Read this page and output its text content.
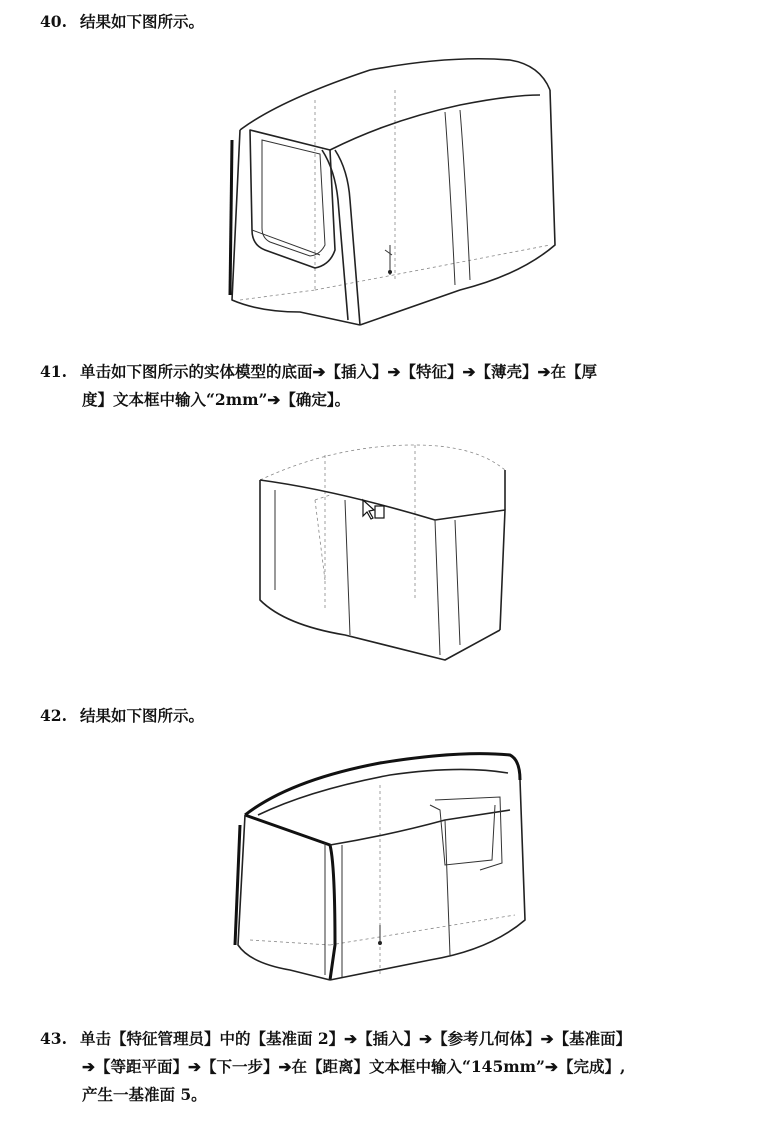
40. 结果如下图所示。
41. 单击如下图所示的实体模型的底面➔【插入】➔【特征】➔【薄壳】➔在【厚
度】文本框中输入“2mm”➔【确定】。
42. 结果如下图所示。
43. 单击【特征管理员】中的【基准面 2】➔【插入】➔【参考几何体】➔【基准面】
➔【等距平面】➔【下一步】➔在【距离】文本框中输入“145mm”➔【完成】,
产生一基准面 5。
